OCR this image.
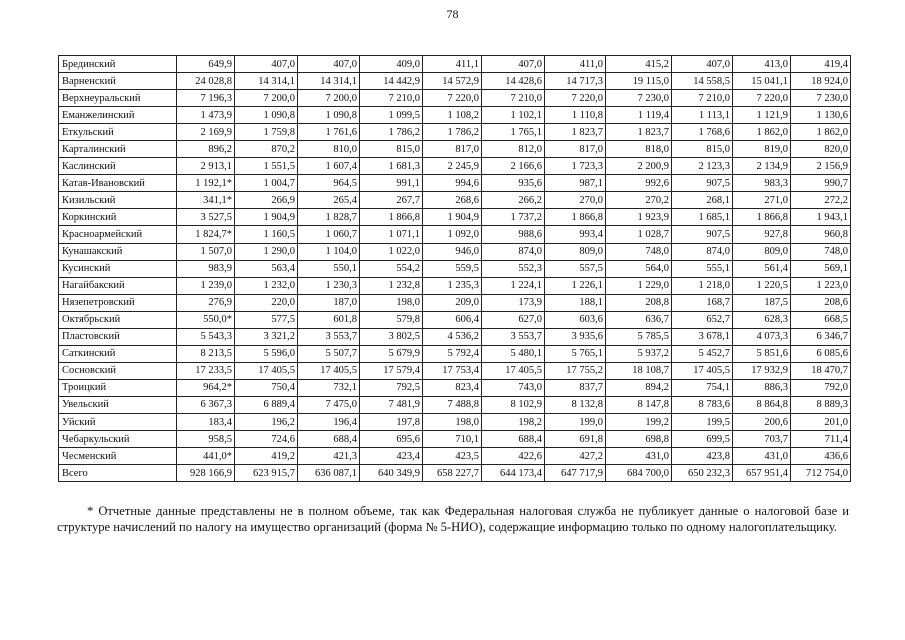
78
Брединский	649,9	407,0	407,0	409,0	411,1	407,0	411,0	415,2	407,0	413,0	419,4
Варненский	24 028,8	14 314,1	14 314,1	14 442,9	14 572,9	14 428,6	14 717,3	19 115,0	14 558,5	15 041,1	18 924,0
Верхнеуральский	7 196,3	7 200,0	7 200,0	7 210,0	7 220,0	7 210,0	7 220,0	7 230,0	7 210,0	7 220,0	7 230,0
Еманжелинский	1 473,9	1 090,8	1 090,8	1 099,5	1 108,2	1 102,1	1 110,8	1 119,4	1 113,1	1 121,9	1 130,6
Еткульский	2 169,9	1 759,8	1 761,6	1 786,2	1 786,2	1 765,1	1 823,7	1 823,7	1 768,6	1 862,0	1 862,0
Карталинский	896,2	870,2	810,0	815,0	817,0	812,0	817,0	818,0	815,0	819,0	820,0
Каслинский	2 913,1	1 551,5	1 607,4	1 681,3	2 245,9	2 166,6	1 723,3	2 200,9	2 123,3	2 134,9	2 156,9
Катав-Ивановский	1 192,1*	1 004,7	964,5	991,1	994,6	935,6	987,1	992,6	907,5	983,3	990,7
Кизильский	341,1*	266,9	265,4	267,7	268,6	266,2	270,0	270,2	268,1	271,0	272,2
Коркинский	3 527,5	1 904,9	1 828,7	1 866,8	1 904,9	1 737,2	1 866,8	1 923,9	1 685,1	1 866,8	1 943,1
Красноармейский	1 824,7*	1 160,5	1 060,7	1 071,1	1 092,0	988,6	993,4	1 028,7	907,5	927,8	960,8
Кунашакский	1 507,0	1 290,0	1 104,0	1 022,0	946,0	874,0	809,0	748,0	874,0	809,0	748,0
Кусинский	983,9	563,4	550,1	554,2	559,5	552,3	557,5	564,0	555,1	561,4	569,1
Нагайбакский	1 239,0	1 232,0	1 230,3	1 232,8	1 235,3	1 224,1	1 226,1	1 229,0	1 218,0	1 220,5	1 223,0
Нязепетровский	276,9	220,0	187,0	198,0	209,0	173,9	188,1	208,8	168,7	187,5	208,6
Октябрьский	550,0*	577,5	601,8	579,8	606,4	627,0	603,6	636,7	652,7	628,3	668,5
Пластовский	5 543,3	3 321,2	3 553,7	3 802,5	4 536,2	3 553,7	3 935,6	5 785,5	3 678,1	4 073,3	6 346,7
Саткинский	8 213,5	5 596,0	5 507,7	5 679,9	5 792,4	5 480,1	5 765,1	5 937,2	5 452,7	5 851,6	6 085,6
Сосновский	17 233,5	17 405,5	17 405,5	17 579,4	17 753,4	17 405,5	17 755,2	18 108,7	17 405,5	17 932,9	18 470,7
Троицкий	964,2*	750,4	732,1	792,5	823,4	743,0	837,7	894,2	754,1	886,3	792,0
Увельский	6 367,3	6 889,4	7 475,0	7 481,9	7 488,8	8 102,9	8 132,8	8 147,8	8 783,6	8 864,8	8 889,3
Уйский	183,4	196,2	196,4	197,8	198,0	198,2	199,0	199,2	199,5	200,6	201,0
Чебаркульский	958,5	724,6	688,4	695,6	710,1	688,4	691,8	698,8	699,5	703,7	711,4
Чесменский	441,0*	419,2	421,3	423,4	423,5	422,6	427,2	431,0	423,8	431,0	436,6
Всего	928 166,9	623 915,7	636 087,1	640 349,9	658 227,7	644 173,4	647 717,9	684 700,0	650 232,3	657 951,4	712 754,0
* Отчетные данные представлены не в полном объеме, так как Федеральная налоговая служба не публикует данные о налоговой базе и структуре начислений по налогу на имущество организаций (форма № 5-НИО), содержащие информацию только по одному налогоплательщику.
